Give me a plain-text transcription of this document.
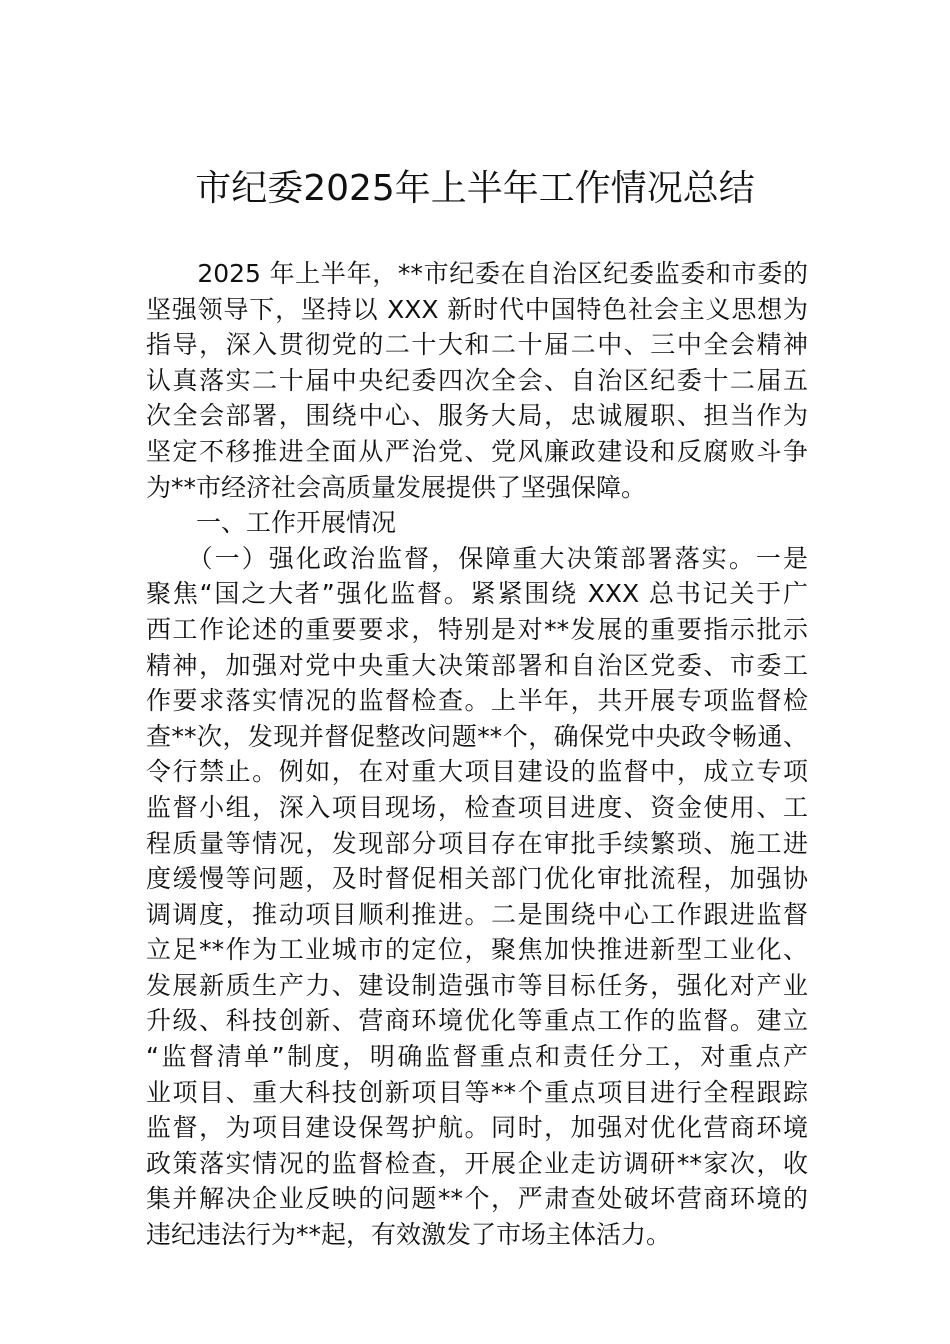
市纪委2025年上半年工作情况总结
　　2025 年上半年，**市纪委在自治区纪委监委和市委的
坚强领导下，坚持以 XXX 新时代中国特色社会主义思想为
指导，深入贯彻党的二十大和二十届二中、三中全会精神
认真落实二十届中央纪委四次全会、自治区纪委十二届五
次全会部署，围绕中心、服务大局，忠诚履职、担当作为
坚定不移推进全面从严治党、党风廉政建设和反腐败斗争
为**市经济社会高质量发展提供了坚强保障。
　　一、工作开展情况
　　（一）强化政治监督，保障重大决策部署落实。一是
聚焦“国之大者”强化监督。紧紧围绕 XXX 总书记关于广
西工作论述的重要要求，特别是对**发展的重要指示批示
精神，加强对党中央重大决策部署和自治区党委、市委工
作要求落实情况的监督检查。上半年，共开展专项监督检
查**次，发现并督促整改问题**个，确保党中央政令畅通、
令行禁止。例如，在对重大项目建设的监督中，成立专项
监督小组，深入项目现场，检查项目进度、资金使用、工
程质量等情况，发现部分项目存在审批手续繁琐、施工进
度缓慢等问题，及时督促相关部门优化审批流程，加强协
调调度，推动项目顺利推进。二是围绕中心工作跟进监督
立足**作为工业城市的定位，聚焦加快推进新型工业化、
发展新质生产力、建设制造强市等目标任务，强化对产业
升级、科技创新、营商环境优化等重点工作的监督。建立
“监督清单”制度，明确监督重点和责任分工，对重点产
业项目、重大科技创新项目等**个重点项目进行全程跟踪
监督，为项目建设保驾护航。同时，加强对优化营商环境
政策落实情况的监督检查，开展企业走访调研**家次，收
集并解决企业反映的问题**个，严肃查处破坏营商环境的
违纪违法行为**起，有效激发了市场主体活力。
